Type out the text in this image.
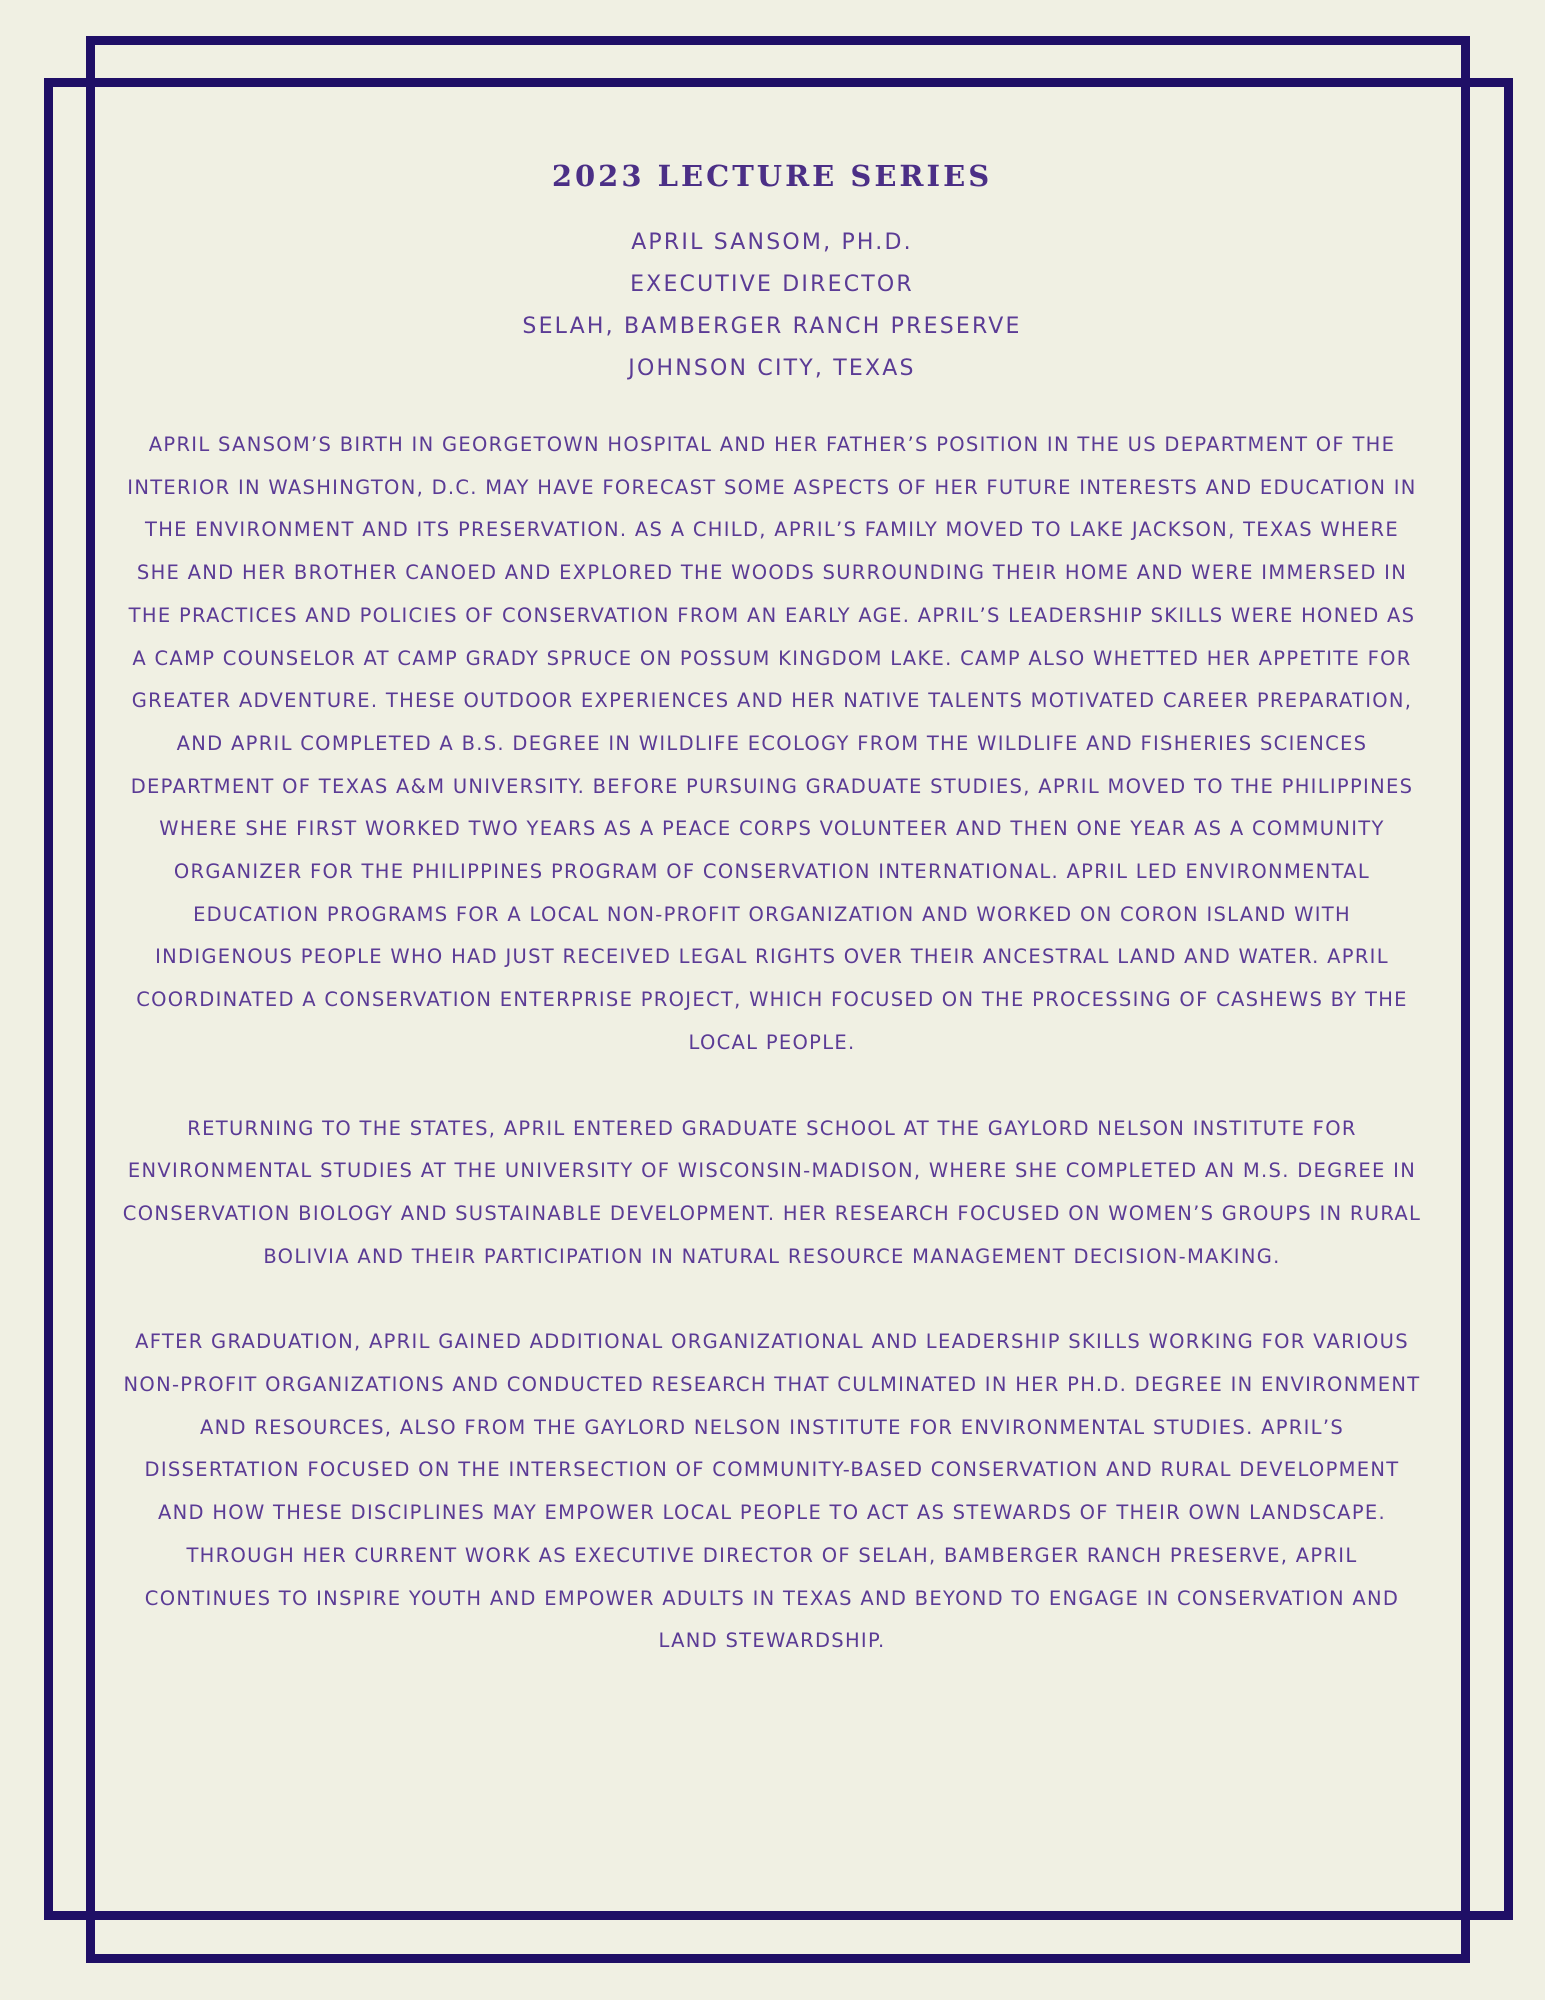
2023 LECTURE SERIES
APRIL SANSOM, PH.D.
EXECUTIVE DIRECTOR
SELAH, BAMBERGER RANCH PRESERVE
JOHNSON CITY, TEXAS

APRIL SANSOM’S BIRTH IN GEORGETOWN HOSPITAL AND HER FATHER’S POSITION IN THE US DEPARTMENT OF THE INTERIOR IN WASHINGTON, D.C. MAY HAVE FORECAST SOME ASPECTS OF HER FUTURE INTERESTS AND EDUCATION IN THE ENVIRONMENT AND ITS PRESERVATION. AS A CHILD, APRIL’S FAMILY MOVED TO LAKE JACKSON, TEXAS WHERE SHE AND HER BROTHER CANOED AND EXPLORED THE WOODS SURROUNDING THEIR HOME AND WERE IMMERSED IN THE PRACTICES AND POLICIES OF CONSERVATION FROM AN EARLY AGE. APRIL’S LEADERSHIP SKILLS WERE HONED AS A CAMP COUNSELOR AT CAMP GRADY SPRUCE ON POSSUM KINGDOM LAKE. CAMP ALSO WHETTED HER APPETITE FOR GREATER ADVENTURE. THESE OUTDOOR EXPERIENCES AND HER NATIVE TALENTS MOTIVATED CAREER PREPARATION, AND APRIL COMPLETED A B.S. DEGREE IN WILDLIFE ECOLOGY FROM THE WILDLIFE AND FISHERIES SCIENCES DEPARTMENT OF TEXAS A&M UNIVERSITY. BEFORE PURSUING GRADUATE STUDIES, APRIL MOVED TO THE PHILIPPINES WHERE SHE FIRST WORKED TWO YEARS AS A PEACE CORPS VOLUNTEER AND THEN ONE YEAR AS A COMMUNITY ORGANIZER FOR THE PHILIPPINES PROGRAM OF CONSERVATION INTERNATIONAL. APRIL LED ENVIRONMENTAL EDUCATION PROGRAMS FOR A LOCAL NON-PROFIT ORGANIZATION AND WORKED ON CORON ISLAND WITH INDIGENOUS PEOPLE WHO HAD JUST RECEIVED LEGAL RIGHTS OVER THEIR ANCESTRAL LAND AND WATER. APRIL COORDINATED A CONSERVATION ENTERPRISE PROJECT, WHICH FOCUSED ON THE PROCESSING OF CASHEWS BY THE LOCAL PEOPLE.

RETURNING TO THE STATES, APRIL ENTERED GRADUATE SCHOOL AT THE GAYLORD NELSON INSTITUTE FOR ENVIRONMENTAL STUDIES AT THE UNIVERSITY OF WISCONSIN-MADISON, WHERE SHE COMPLETED AN M.S. DEGREE IN CONSERVATION BIOLOGY AND SUSTAINABLE DEVELOPMENT. HER RESEARCH FOCUSED ON WOMEN’S GROUPS IN RURAL BOLIVIA AND THEIR PARTICIPATION IN NATURAL RESOURCE MANAGEMENT DECISION-MAKING.

AFTER GRADUATION, APRIL GAINED ADDITIONAL ORGANIZATIONAL AND LEADERSHIP SKILLS WORKING FOR VARIOUS NON-PROFIT ORGANIZATIONS AND CONDUCTED RESEARCH THAT CULMINATED IN HER PH.D. DEGREE IN ENVIRONMENT AND RESOURCES, ALSO FROM THE GAYLORD NELSON INSTITUTE FOR ENVIRONMENTAL STUDIES. APRIL’S DISSERTATION FOCUSED ON THE INTERSECTION OF COMMUNITY-BASED CONSERVATION AND RURAL DEVELOPMENT AND HOW THESE DISCIPLINES MAY EMPOWER LOCAL PEOPLE TO ACT AS STEWARDS OF THEIR OWN LANDSCAPE. THROUGH HER CURRENT WORK AS EXECUTIVE DIRECTOR OF SELAH, BAMBERGER RANCH PRESERVE, APRIL CONTINUES TO INSPIRE YOUTH AND EMPOWER ADULTS IN TEXAS AND BEYOND TO ENGAGE IN CONSERVATION AND LAND STEWARDSHIP.
